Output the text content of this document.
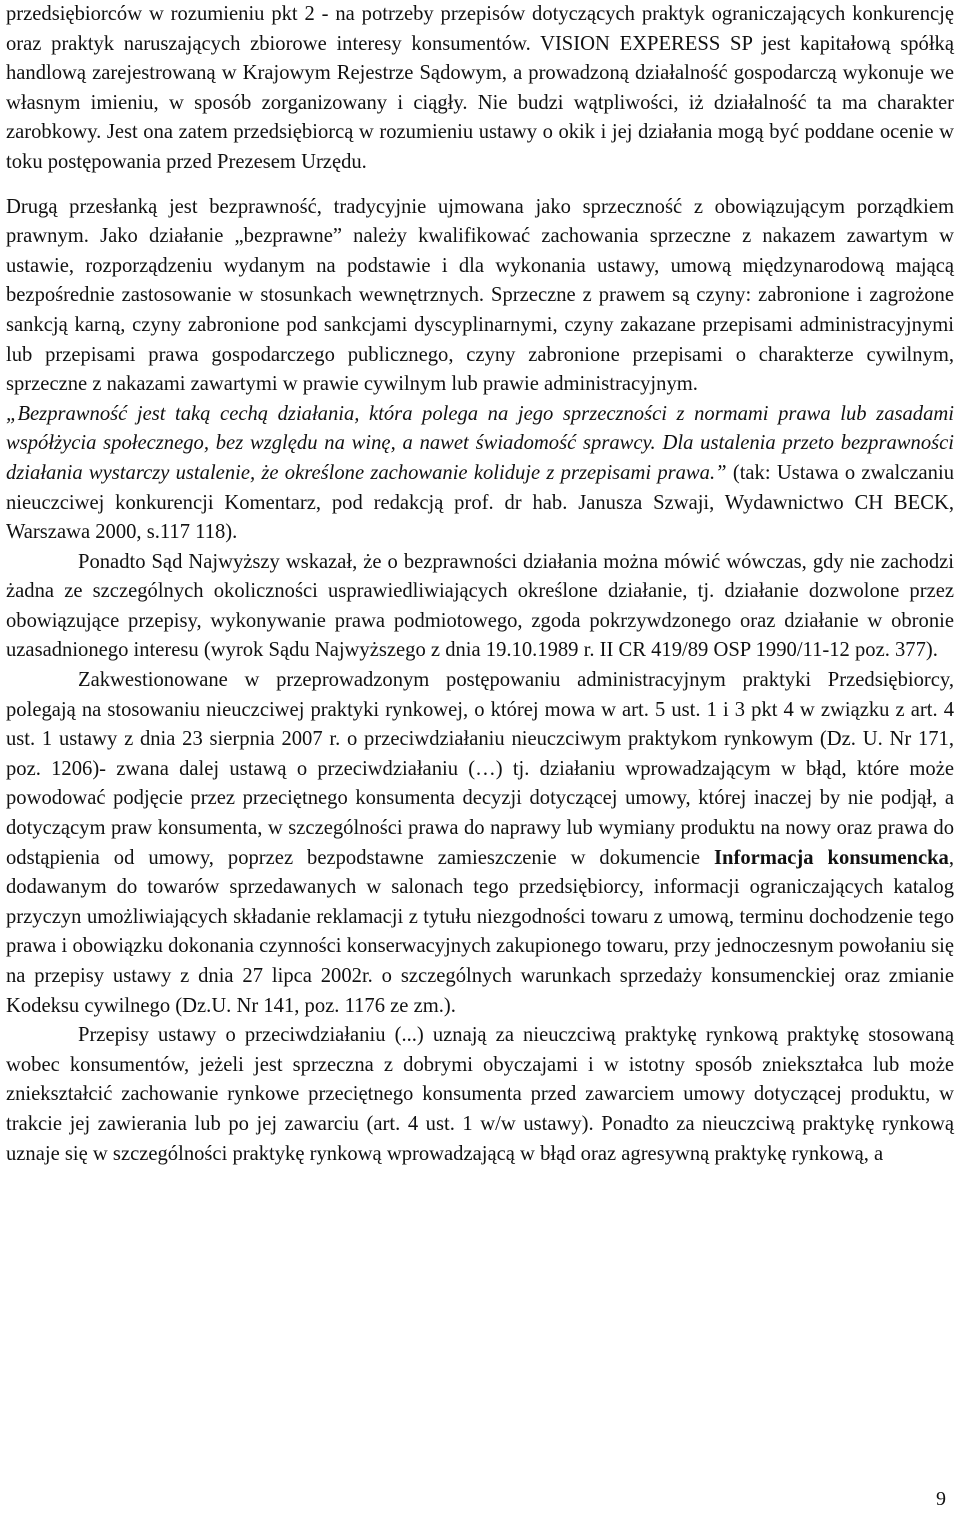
przedsiębiorców w rozumieniu pkt 2 - na potrzeby przepisów dotyczących praktyk ograniczających konkurencję oraz praktyk naruszających zbiorowe interesy konsumentów. VISION EXPERESS SP jest kapitałową spółką handlową zarejestrowaną w Krajowym Rejestrze Sądowym, a prowadzoną działalność gospodarczą wykonuje we własnym imieniu, w sposób zorganizowany i ciągły. Nie budzi wątpliwości, iż działalność ta ma charakter zarobkowy. Jest ona zatem przedsiębiorcą w rozumieniu ustawy o okik i jej działania mogą być poddane ocenie w toku postępowania przed Prezesem Urzędu.

Drugą przesłanką jest bezprawność, tradycyjnie ujmowana jako sprzeczność z obowiązującym porządkiem prawnym. Jako działanie „bezprawne” należy kwalifikować zachowania sprzeczne z nakazem zawartym w ustawie, rozporządzeniu wydanym na podstawie i dla wykonania ustawy, umową międzynarodową mającą bezpośrednie zastosowanie w stosunkach wewnętrznych. Sprzeczne z prawem są czyny: zabronione i zagrożone sankcją karną, czyny zabronione pod sankcjami dyscyplinarnymi, czyny zakazane przepisami administracyjnymi lub przepisami prawa gospodarczego publicznego, czyny zabronione przepisami o charakterze cywilnym, sprzeczne z nakazami zawartymi w prawie cywilnym lub prawie administracyjnym.

„Bezprawność jest taką cechą działania, która polega na jego sprzeczności z normami prawa lub zasadami współżycia społecznego, bez względu na winę, a nawet świadomość sprawcy. Dla ustalenia przeto bezprawności działania wystarczy ustalenie, że określone zachowanie koliduje z przepisami prawa.” (tak: Ustawa o zwalczaniu nieuczciwej konkurencji Komentarz, pod redakcją prof. dr hab. Janusza Szwaji, Wydawnictwo CH BECK, Warszawa 2000, s.117 118).

Ponadto Sąd Najwyższy wskazał, że o bezprawności działania można mówić wówczas, gdy nie zachodzi żadna ze szczególnych okoliczności usprawiedliwiających określone działanie, tj. działanie dozwolone przez obowiązujące przepisy, wykonywanie prawa podmiotowego, zgoda pokrzywdzonego oraz działanie w obronie uzasadnionego interesu (wyrok Sądu Najwyższego z dnia 19.10.1989 r. II CR 419/89 OSP 1990/11-12 poz. 377).

Zakwestionowane w przeprowadzonym postępowaniu administracyjnym praktyki Przedsiębiorcy, polegają na stosowaniu nieuczciwej praktyki rynkowej, o której mowa w art. 5 ust. 1 i 3 pkt 4 w związku z art. 4 ust. 1 ustawy z dnia 23 sierpnia 2007 r. o przeciwdziałaniu nieuczciwym praktykom rynkowym (Dz. U. Nr 171, poz. 1206)- zwana dalej ustawą o przeciwdziałaniu (…) tj. działaniu wprowadzającym w błąd, które może powodować podjęcie przez przeciętnego konsumenta decyzji dotyczącej umowy, której inaczej by nie podjął, a dotyczącym praw konsumenta, w szczególności prawa do naprawy lub wymiany produktu na nowy oraz prawa do odstąpienia od umowy, poprzez bezpodstawne zamieszczenie w dokumencie Informacja konsumencka, dodawanym do towarów sprzedawanych w salonach tego przedsiębiorcy, informacji ograniczających katalog przyczyn umożliwiających składanie reklamacji z tytułu niezgodności towaru z umową, terminu dochodzenie tego prawa i obowiązku dokonania czynności konserwacyjnych zakupionego towaru, przy jednoczesnym powołaniu się na przepisy ustawy z dnia 27 lipca 2002r. o szczególnych warunkach sprzedaży konsumenckiej oraz zmianie Kodeksu cywilnego (Dz.U. Nr 141, poz. 1176 ze zm.).

Przepisy ustawy o przeciwdziałaniu (...) uznają za nieuczciwą praktykę rynkową praktykę stosowaną wobec konsumentów, jeżeli jest sprzeczna z dobrymi obyczajami i w istotny sposób zniekształca lub może zniekształcić zachowanie rynkowe przeciętnego konsumenta przed zawarciem umowy dotyczącej produktu, w trakcie jej zawierania lub po jej zawarciu (art. 4 ust. 1 w/w ustawy). Ponadto za nieuczciwą praktykę rynkową uznaje się w szczególności praktykę rynkową wprowadzającą w błąd oraz agresywną praktykę rynkową, a

9
